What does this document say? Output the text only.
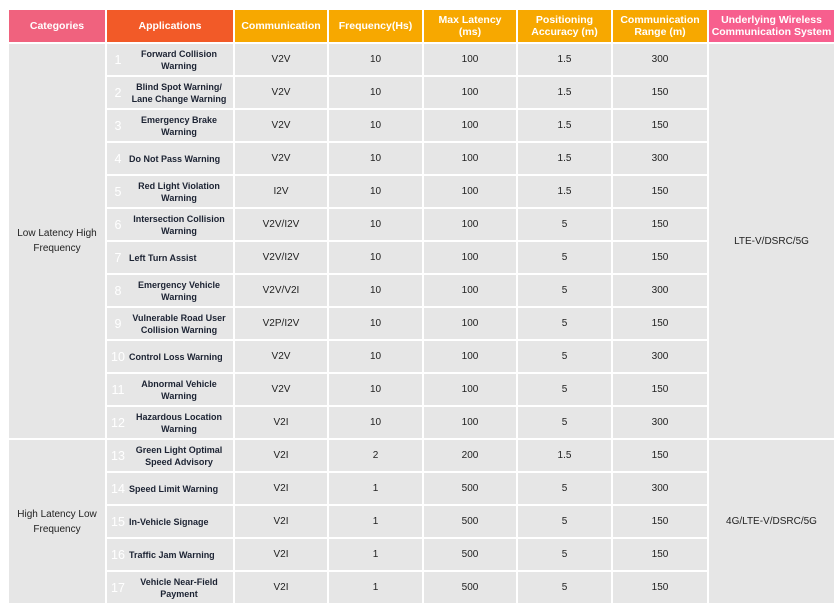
Categories	Applications	Communication	Frequency(Hs)	Max Latency (ms)	Positioning Accuracy (m)	Communication Range (m)	Underlying Wireless Communication System
Low Latency High Frequency	1 Forward Collision Warning	V2V	10	100	1.5	300	LTE-V/DSRC/5G

	2 Blind Spot Warning/ Lane Change Warning	V2V	10	100	1.5	150	

	3 Emergency Brake Warning	V2V	10	100	1.5	150	

	4 Do Not Pass Warning	V2V	10	100	1.5	300	

	5 Red Light Violation Warning	I2V	10	100	1.5	150	

	6 Intersection Collision Warning	V2V/I2V	10	100	5	150	

	7 Left Turn Assist	V2V/I2V	10	100	5	150	

	8 Emergency Vehicle Warning	V2V/V2I	10	100	5	300	

	9 Vulnerable Road User Collision Warning	V2P/I2V	10	100	5	150	

	10 Control Loss Warning	V2V	10	100	5	300	

	11 Abnormal Vehicle Warning	V2V	10	100	5	150	

	12 Hazardous Location Warning	V2I	10	100	5	300	
High Latency Low Frequency	13 Green Light Optimal Speed Advisory	V2I	2	200	1.5	150	4G/LTE-V/DSRC/5G

	14 Speed Limit Warning	V2I	1	500	5	300	

	15 In-Vehicle Signage	V2I	1	500	5	150	

	16 Traffic Jam Warning	V2I	1	500	5	150	

	17 Vehicle Near-Field Payment	V2I	1	500	5	150	
